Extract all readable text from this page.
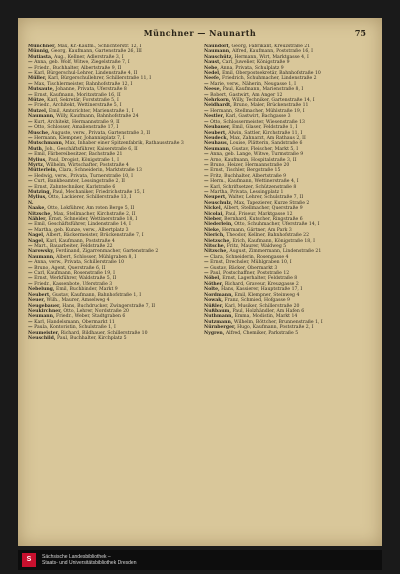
Münchner — Naunarth	75

Münchner, Max, Kr.-Kaufm., Schlichterstr. 12, I

Münnig, Georg, Kaufmann, Gartenstraße 26, III

Mutiasta, Aug., Kellner, Adlerstraße 3, I

— Anna, geb. Wolf, Witwe, Ziegelstraße 7, I

— Friedr., Buchhalter, Albertstraße 9, II

— Karl, Bürgerschul-Lehrer, Lindenstraße 4, II

Müller, Karl, Bürgerschullehrer, Schillerstraße 11, I

— Max, Tischlermeister, Bahnhofstraße 12, I

Mutsaute, Johanne, Privata, Uferstraße 8

— Ernst, Kaufmann, Moritzstraße 16, II

Mütze, Karl, Sekretär, Forststraße 5, I

— Friedr., Architekt, Wettinerstraße 5, I

Mutzel, Emil, Amtsrichter, Marienstraße 1, I

Naumann, Willy, Kaufmann, Bahnhofstraße 24

— Kurt, Architekt, Hermannstraße 9, II

— Otto, Schlosser, Amalienstraße 17, I

Musche, Auguste, verw., Privata, Gartenstraße 3, II

— Hermann, Klempner, Johannisplatz 7, I

Mutschmann, Max, Inhaber einer Spitzenfabrik, Rathausstraße 3

Muth, Joh., Geschäftsführer, Kaiserstraße 6, II

— Emil, Färbereibesitzer, Bachstraße 21

Mylius, Paul, Drogist, Königstraße 1, I

Myrtz, Wilhelm, Wirtschafter, Poststraße 4

Mütterlein, Clara, Schneiderin, Marktstraße 13

— Hedwig, verw., Privata, Turnerstraße 10, I

— Curt, Bankbeamter, Lessingstraße 2, II

— Ernst, Zahntechniker, Karlstraße 6

Mutzing, Paul, Mechaniker, Friedrichstraße 15, I

Mylius, Otto, Lackierer, Schillerstraße 13, I

N.

Naake, Otto, Lokführer, Am roten Berge 5, II

Nitzsche, Max, Stellmacher, Kirchstraße 2, II

Nähler, Ernst, Schneider, Wettinerstraße 18, I

— Emil, Geschäftsführer, Lindenstraße 14, I

— Martha, geb. Kunze, verw., Albertplatz 3

Nagel, Albert, Bäckermeister, Brückenstraße 7, I

Nagel, Karl, Kaufmann, Poststraße 4

— Mart., Bauarbeiter, Feldstraße 22

Narowsky, Ferdinand, Zigarrenmacher, Gartenstraße 2

Naumann, Albert, Schlosser, Mühlgraben 8, I

— Anna, verw., Privata, Schillerstraße 10

— Bruno, Agent, Querstraße 6, II

— Carl, Kaufmann, Rosenstraße 19, I

— Ernst, Werkführer, Waldstraße 5, II

— Friedr., Kassenbote, Uferstraße 3

Nebelung, Emil, Buchbinder, Markt 9

Neubert, Gustav, Kaufmann, Bahnhofstraße 1, I

Neuer, Wilh., Maurer, Amselweg 4

Neugebauer, Hans, Buchdrucker, Zwingerstraße 7, II

Neukirchner, Otto, Lehrer, Nordstraße 20

Neumann, Friedr., Weber, Stadtgraben 6

— Karl, Handelsmann, Obermarkt 11

— Paula, Kontoristin, Schulstraße 1, I

Neumeister, Richard, Bildhauer, Schillerstraße 10

Neuschild, Paul, Buchhalter, Kirchplatz 5

Naundorf, Georg, Fabrikant, Kreuzstraße 21

Naumann, Alfred, Kaufmann, Poststraße 16, I

Nauschütz, Hermann, Wirt, Marktgasse 4, I

Naust, Carl, Juwelier, Königstraße 9

Nebe, Anna, Privata, Schulplatz 9

Nedel, Emil, Oberpostsekretär, Bahnhofstraße 10

Neefe, Friedrich, Schuhmacher, Lindenstraße 2

— Marie, verw., Näherin, Neugasse 1, I

Neese, Paul, Kaufmann, Marienstraße 8, I

— Robert, Gastwirt, Am Anger 12

Nehrkorn, Willy, Techniker, Gartenstraße 14, I

Neidhardt, Bruno, Maler, Brückenstraße 11

— Hermann, Stellmacher, Mühlstraße 19, I

Nestler, Karl, Gastwirt, Bachgasse 3

— Otto, Schlossermeister, Wiesenstraße 13

Neubauer, Emil, Glaser, Feldstraße 1, I

Neubert, Alwin, Sattler, Kirchstraße 11, I

Neudeck, Max, Zahnarzt, Am Rathaus 2, II

Neuhaus, Louise, Plätterin, Sandstraße 6

Neumann, Gustav, Fleischer, Markt 5, I

— Anna, geb. Lange, Witwe, Turmstraße 9

— Arno, Kaufmann, Hospitalstraße 3, II

— Bruno, Heizer, Hermannstraße 20

— Ernst, Tischler, Bergstraße 15

— Fritz, Buchhalter, Albertstraße 9

— Herm., Kaufmann, Wettinerstraße 4, I

— Karl, Schriftsetzer, Schützenstraße 8

— Martha, Privata, Lessingplatz 1

Neupert, Walter, Lehrer, Schulstraße 7, II

Neuschulz, Max, Tapezierer, Kurze Straße 2

Nickel, Albert, Stellmacher, Querstraße 9

Nicolai, Paul, Friseur, Marktgasse 12

Nieber, Bernhard, Kutscher, Ringstraße 6

Niederlein, Otto, Schuhmacher, Uferstraße 14, I

Nieke, Hermann, Gärtner, Am Park 3

Nierich, Theodor, Kellner, Bahnhofstraße 22

Nietzsche, Erich, Kaufmann, Königstraße 18, I

Nitsche, Fritz, Maurer, Waldweg 5

Nitzsche, August, Zimmermann, Lindenstraße 21

— Clara, Schneiderin, Rosengasse 4

— Ernst, Drechsler, Mühlgraben 10, I

— Gustav, Bäcker, Obermarkt 3

— Paul, Postschaffner, Poststraße 12

Nöbel, Ernst, Lagerhalter, Feldstraße 8

Nöther, Richard, Graveur, Kreuzgasse 2

Nolte, Hans, Kassierer, Hauptstraße 17, I

Nordmann, Emil, Klempner, Steinweg 4

Nowak, Franz, Schmied, Hofgasse 9

Nüßler, Karl, Musiker, Schillerstraße 20

Nußbaum, Paul, Holzhändler, Am Hafen 6

Nuthmann, Emma, Modistin, Markt 14

Nutzmann, Wilhelm, Böttcher, Brunnenstraße 1, I

Nürnberger, Hugo, Kaufmann, Poststraße 2, I

Nygren, Alfred, Chemiker, Parkstraße 5

S	Sächsische Landesbibliothek –
Staats- und Universitätsbibliothek Dresden
